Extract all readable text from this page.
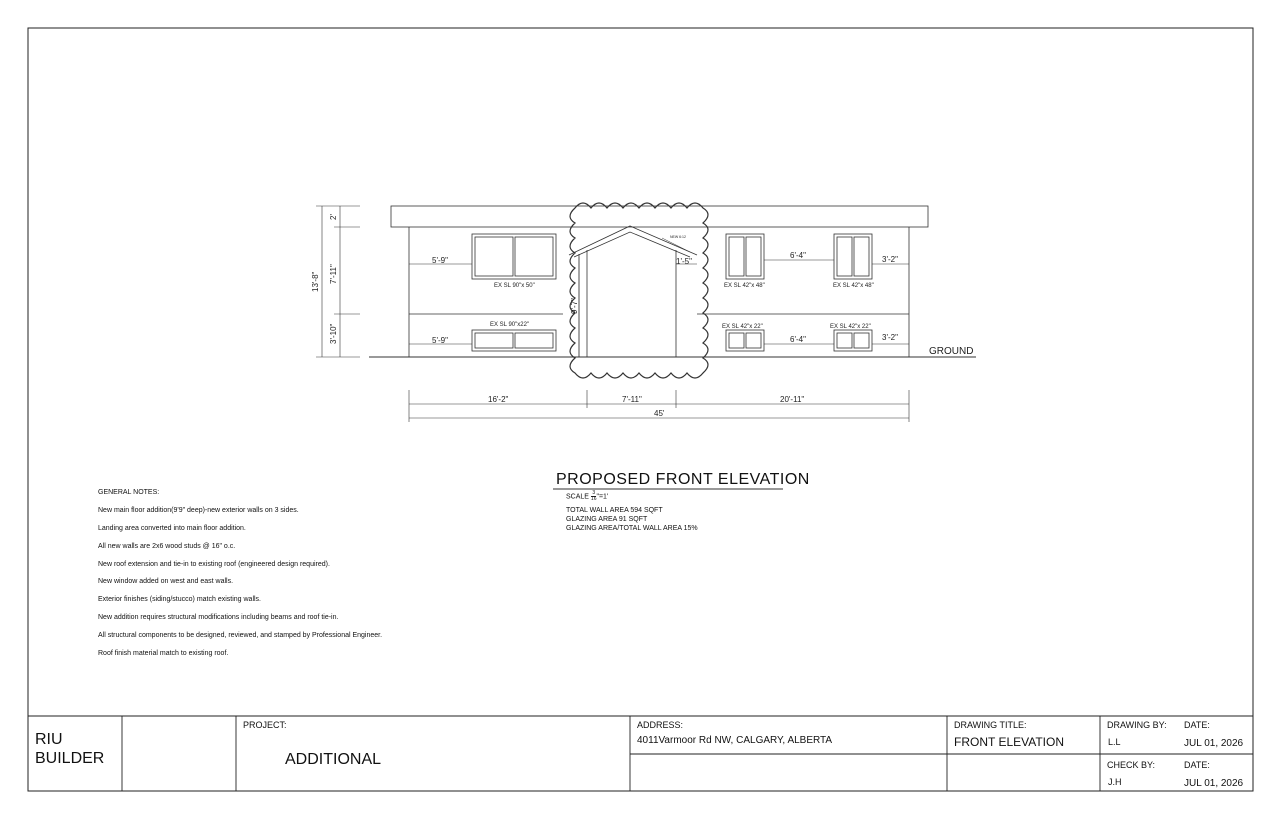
5'-9"
6'-4"	3'-2"
1'-5"
5'-9"	6'-4"	3'-2"
EX SL 90"x 50"	EX SL 42"x 48"	EX SL 42"x 48"
EX SL 90"x22"	EX SL 42"x 22"	EX SL 42"x 22"
NEW 6:12
GROUND
9'-7"
13'-8"
2'
7'-11"
3'-10"
16'-2"	7'-11"	20'-11"
45'
PROPOSED FRONT ELEVATION
SCALE $\frac{3}{16}$ "=1'
TOTAL WALL AREA 594 SQFT
GLAZING AREA 91 SQFT
GLAZING AREA/TOTAL WALL AREA 15%
GENERAL NOTES:
New main floor addition(9'9" deep)-new exterior walls on 3 sides.
Landing area converted into main floor addition.
All new walls are 2x6 wood studs @ 16" o.c.
New roof extension and tie-in to existing roof (engineered design required).
New window added on west and east walls.
Exterior finishes (siding/stucco) match existing walls.
New addition requires structural modifications including beams and roof tie-in.
All structural components to be designed, reviewed, and stamped by Professional Engineer.
Roof finish material match to existing roof.
RIU
BUILDER
PROJECT:
ADDITIONAL
ADDRESS:
4011Varmoor Rd NW, CALGARY, ALBERTA
DRAWING TITLE:
FRONT ELEVATION
DRAWING BY:
L.L
DATE:
JUL 01, 2026
CHECK BY:
J.H
DATE:
JUL 01, 2026
